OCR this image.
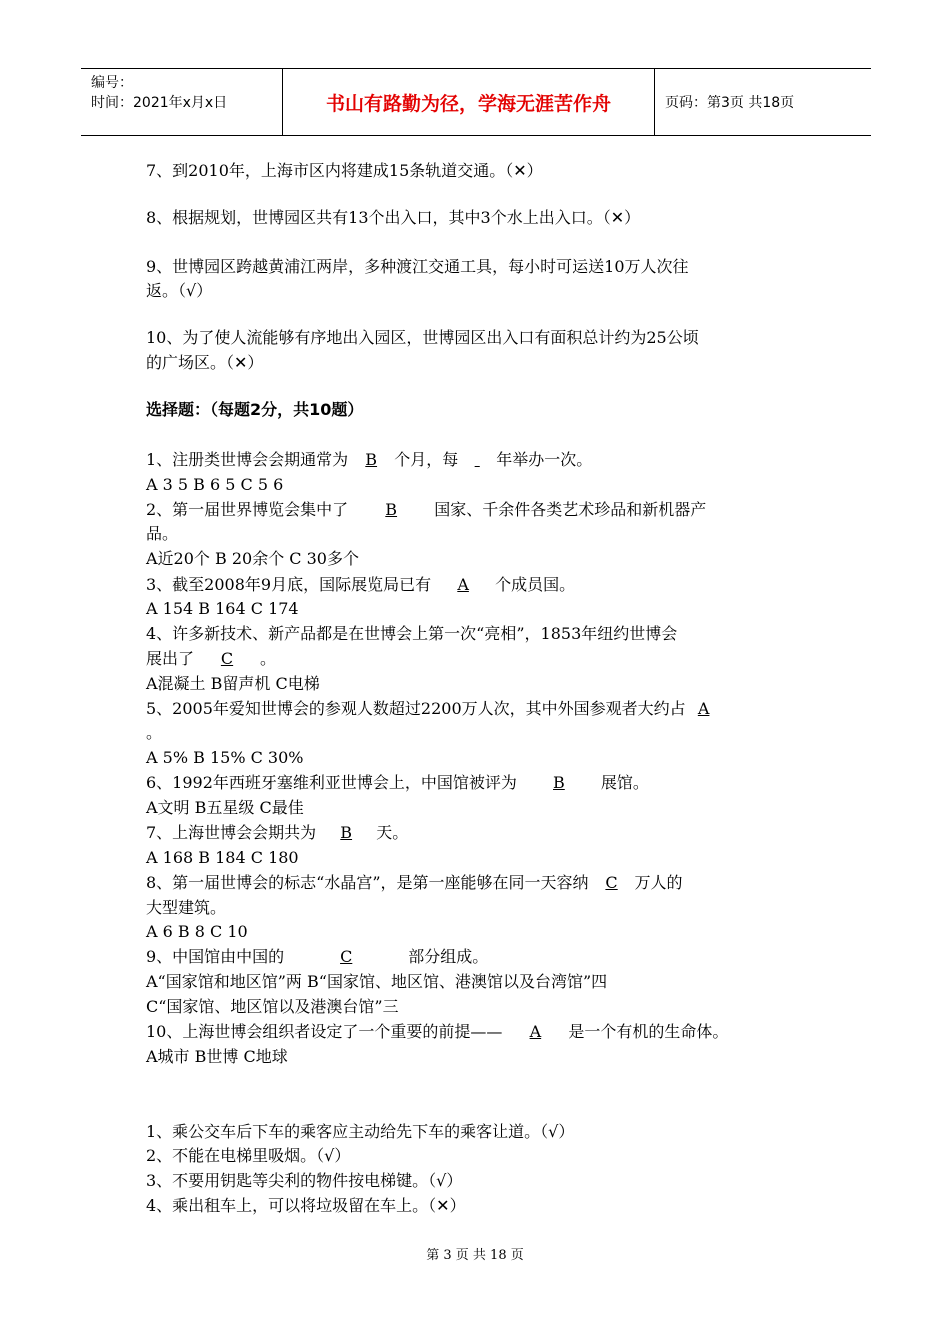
编号：
时间：2021年x月x日	书山有路勤为径，学海无涯苦作舟	页码：第3页 共18页
7、到2010年，上海市区内将建成15条轨道交通。（✕）
8、根据规划，世博园区共有13个出入口，其中3个水上出入口。（✕）
9、世博园区跨越黄浦江两岸，多种渡江交通工具，每小时可运送10万人次往
返。（√）
10、为了使人流能够有序地出入园区，世博园区出入口有面积总计约为25公顷
的广场区。（✕）
选择题：（每题2分，共10题）
1、注册类世博会会期通常为 B 个月，每 年举办一次。
A 3 5 B 6 5 C 5 6
2、第一届世界博览会集中了 B 国家、千余件各类艺术珍品和新机器产
品。
A近20个 B 20余个 C 30多个
3、截至2008年9月底，国际展览局已有 A 个成员国。
A 154 B 164 C 174
4、许多新技术、新产品都是在世博会上第一次“亮相”，1853年纽约世博会
展出了 C 。
A混凝土 B留声机 C电梯
5、2005年爱知世博会的参观人数超过2200万人次，其中外国参观者大约占 A
。
A 5% B 15% C 30%
6、1992年西班牙塞维利亚世博会上，中国馆被评为 B 展馆。
A文明 B五星级 C最佳
7、上海世博会会期共为 B 天。
A 168 B 184 C 180
8、第一届世博会的标志“水晶宫”，是第一座能够在同一天容纳 C 万人的
大型建筑。
A 6 B 8 C 10
9、中国馆由中国的	C	部分组成。
A“国家馆和地区馆”两 B“国家馆、地区馆、港澳馆以及台湾馆”四
C“国家馆、地区馆以及港澳台馆”三
10、上海世博会组织者设定了一个重要的前提—— A 是一个有机的生命体。
A城市 B世博 C地球
1、乘公交车后下车的乘客应主动给先下车的乘客让道。（√）
2、不能在电梯里吸烟。（√）
3、不要用钥匙等尖利的物件按电梯键。（√）
4、乘出租车上，可以将垃圾留在车上。（✕）
第 3 页 共 18 页
